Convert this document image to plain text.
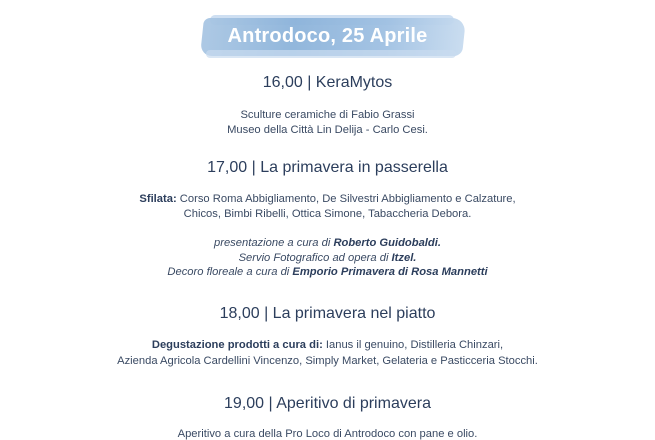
Antrodoco, 25 Aprile
16,00 | KeraMytos
Sculture ceramiche di Fabio Grassi
Museo della Città Lin Delija - Carlo Cesi.
17,00 | La primavera in passerella
Sfilata: Corso Roma Abbigliamento, De Silvestri Abbigliamento e Calzature,
Chicos, Bimbi Ribelli, Ottica Simone, Tabaccheria Debora.
presentazione a cura di Roberto Guidobaldi.
Servio Fotografico ad opera di Itzel.
Decoro floreale a cura di Emporio Primavera di Rosa Mannetti
18,00 | La primavera nel piatto
Degustazione prodotti a cura di: Ianus il genuino, Distilleria Chinzari,
Azienda Agricola Cardellini Vincenzo, Simply Market, Gelateria e Pasticceria Stocchi.
19,00 | Aperitivo di primavera
Aperitivo a cura della Pro Loco di Antrodoco con pane e olio.
